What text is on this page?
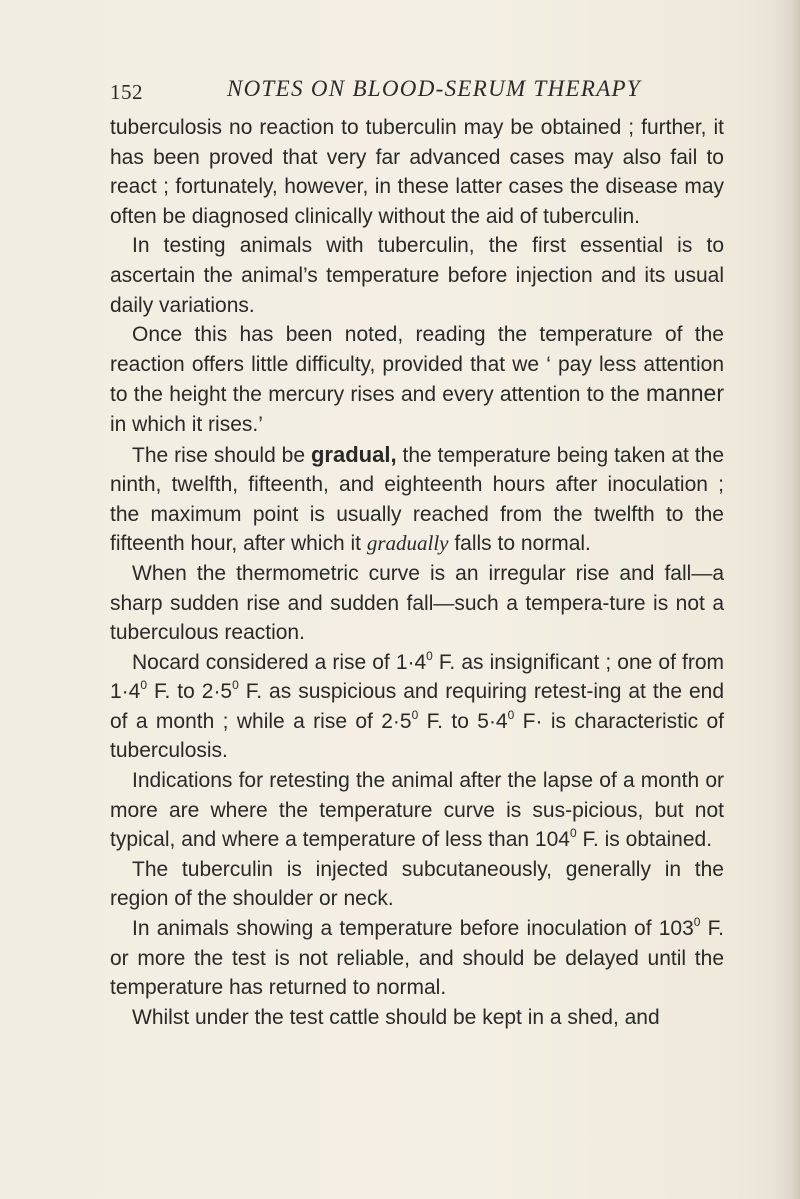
152	NOTES ON BLOOD-SERUM THERAPY

tuberculosis no reaction to tuberculin may be obtained ; further, it has been proved that very far advanced cases may also fail to react ; fortunately, however, in these latter cases the disease may often be diagnosed clinically without the aid of tuberculin.

In testing animals with tuberculin, the first essential is to ascertain the animal’s temperature before injection and its usual daily variations.

Once this has been noted, reading the temperature of the reaction offers little difficulty, provided that we ‘ pay less attention to the height the mercury rises and every attention to the manner in which it rises.’

The rise should be gradual, the temperature being taken at the ninth, twelfth, fifteenth, and eighteenth hours after inoculation ; the maximum point is usually reached from the twelfth to the fifteenth hour, after which it gradually falls to normal.

When the thermometric curve is an irregular rise and fall—a sharp sudden rise and sudden fall—such a tempera-ture is not a tuberculous reaction.

Nocard considered a rise of $1\cdot 4^0$ F. as insignificant ; one of from $1\cdot 4^0$ F. to $2\cdot 5^0$ F. as suspicious and requiring retest-ing at the end of a month ; while a rise of $2\cdot 5^0$ F. to $5\cdot 4^0$ F· is characteristic of tuberculosis.

Indications for retesting the animal after the lapse of a month or more are where the temperature curve is sus-picious, but not typical, and where a temperature of less than $104^0$ F. is obtained.

The tuberculin is injected subcutaneously, generally in the region of the shoulder or neck.

In animals showing a temperature before inoculation of $103^0$ F. or more the test is not reliable, and should be delayed until the temperature has returned to normal.

Whilst under the test cattle should be kept in a shed, and
